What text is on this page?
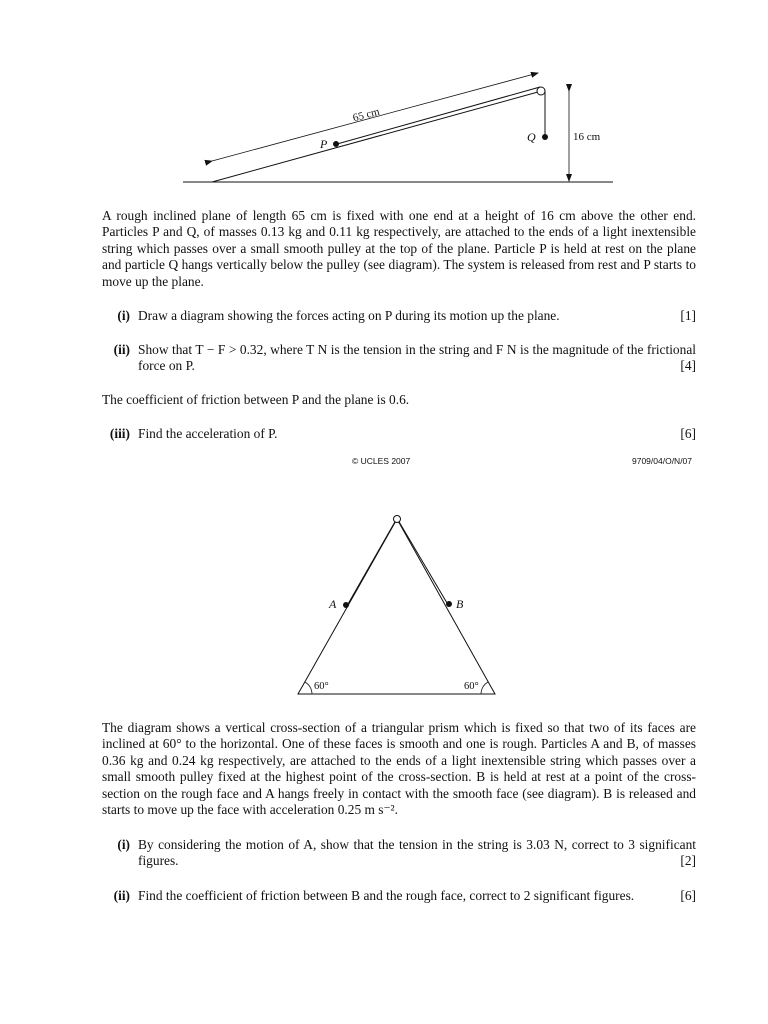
65 cm
P	Q	16 cm

A rough inclined plane of length 65 cm is fixed with one end at a height of 16 cm above the other end. Particles P and Q, of masses 0.13 kg and 0.11 kg respectively, are attached to the ends of a light inextensible string which passes over a small smooth pulley at the top of the plane. Particle P is held at rest on the plane and particle Q hangs vertically below the pulley (see diagram). The system is released from rest and P starts to move up the plane.

(i)	[1]
Draw a diagram showing the forces acting on P during its motion up the plane.
(ii) Show that T − F > 0.32, where T N is the tension in the string and F N is the magnitude of the frictional force on P.	[4]

The coefficient of friction between P and the plane is 0.6.

(iii)	[6]
Find the acceleration of P.
© UCLES 2007	9709/04/O/N/07
A	B
60°	60°

The diagram shows a vertical cross-section of a triangular prism which is fixed so that two of its faces are inclined at 60° to the horizontal. One of these faces is smooth and one is rough. Particles A and B, of masses 0.36 kg and 0.24 kg respectively, are attached to the ends of a light inextensible string which passes over a small smooth pulley fixed at the highest point of the cross-section. B is held at rest at a point of the cross-section on the rough face and A hangs freely in contact with the smooth face (see diagram). B is released and starts to move up the face with acceleration 0.25 m s⁻².

(i) By considering the motion of A, show that the tension in the string is 3.03 N, correct to 3 significant figures.	[2]
(ii) Find the coefficient of friction between B and the rough face, correct to 2 significant figures.	[6]
